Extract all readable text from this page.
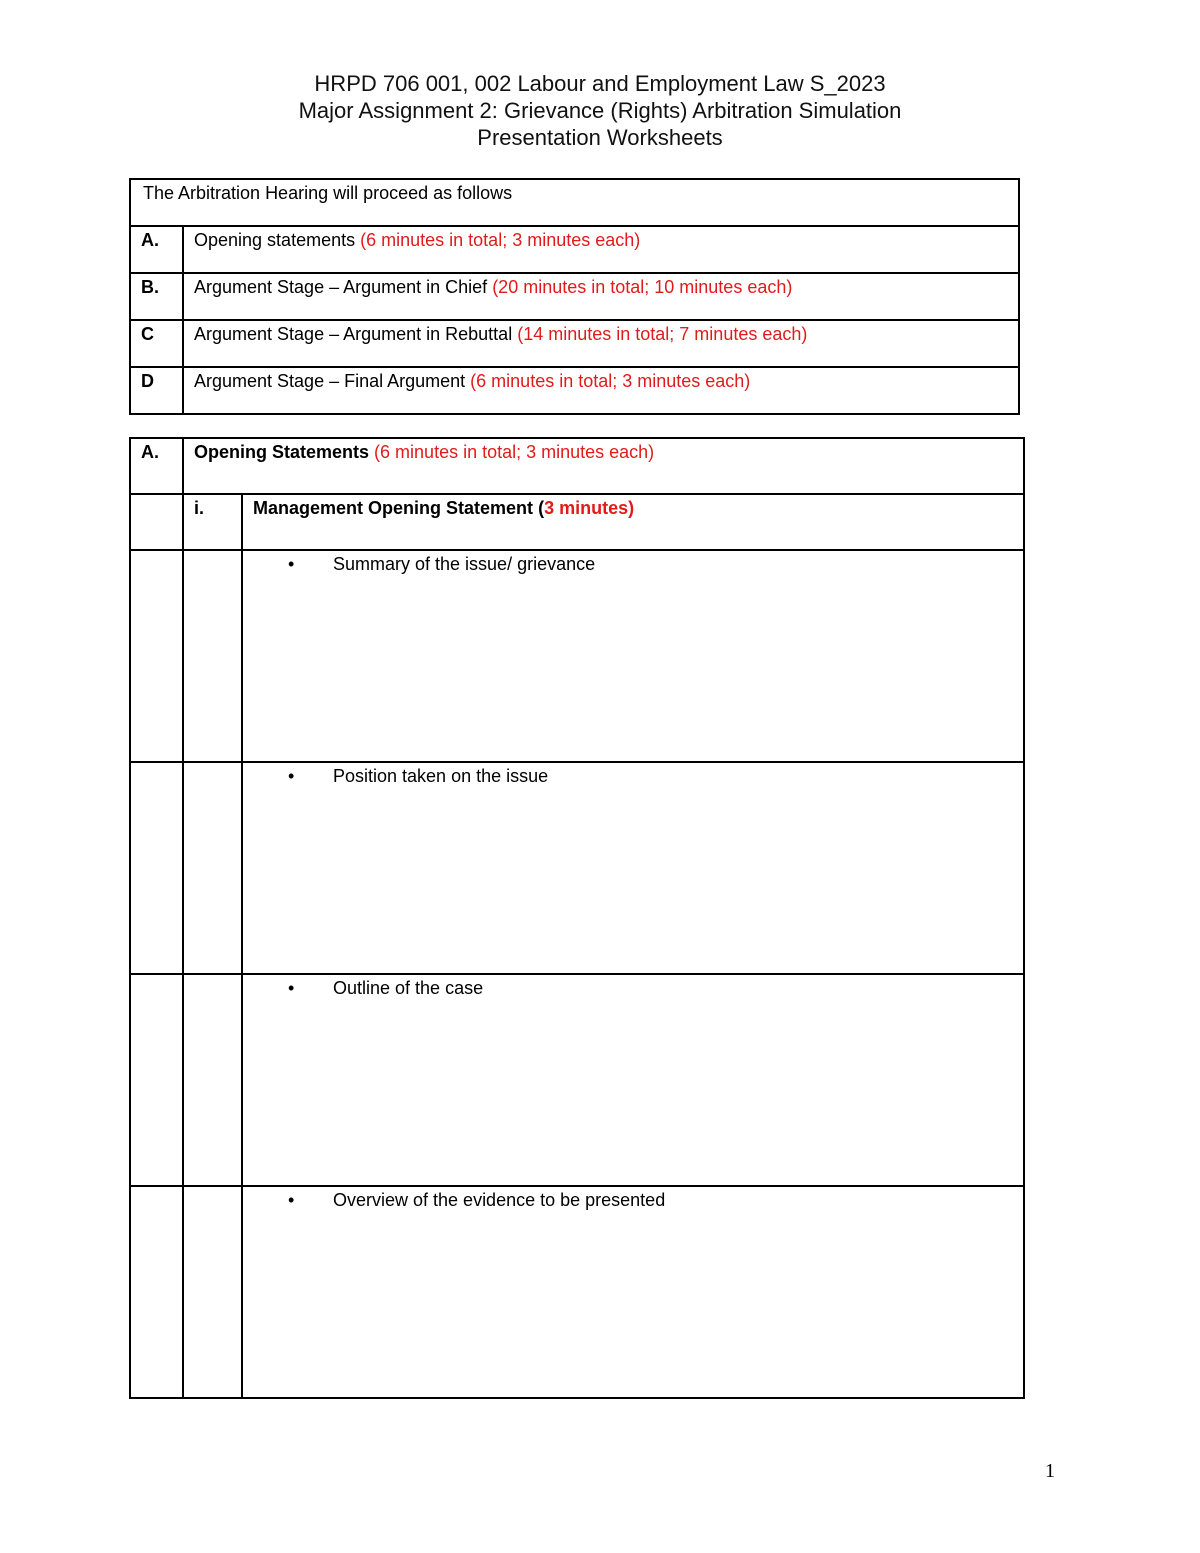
HRPD 706 001, 002 Labour and Employment Law S_2023
Major Assignment 2: Grievance (Rights) Arbitration Simulation
Presentation Worksheets
The Arbitration Hearing will proceed as follows	
A.	Opening statements (6 minutes in total; 3 minutes each)
B.	Argument Stage – Argument in Chief (20 minutes in total; 10 minutes each)
C	Argument Stage – Argument in Rebuttal (14 minutes in total; 7 minutes each)
D	Argument Stage – Final Argument (6 minutes in total; 3 minutes each)
A.	Opening Statements (6 minutes in total; 3 minutes each)	
	i.	Management Opening Statement (3 minutes)

		• Summary of the issue/ grievance

		• Position taken on the issue

		• Outline of the case

		• Overview of the evidence to be presented
1
